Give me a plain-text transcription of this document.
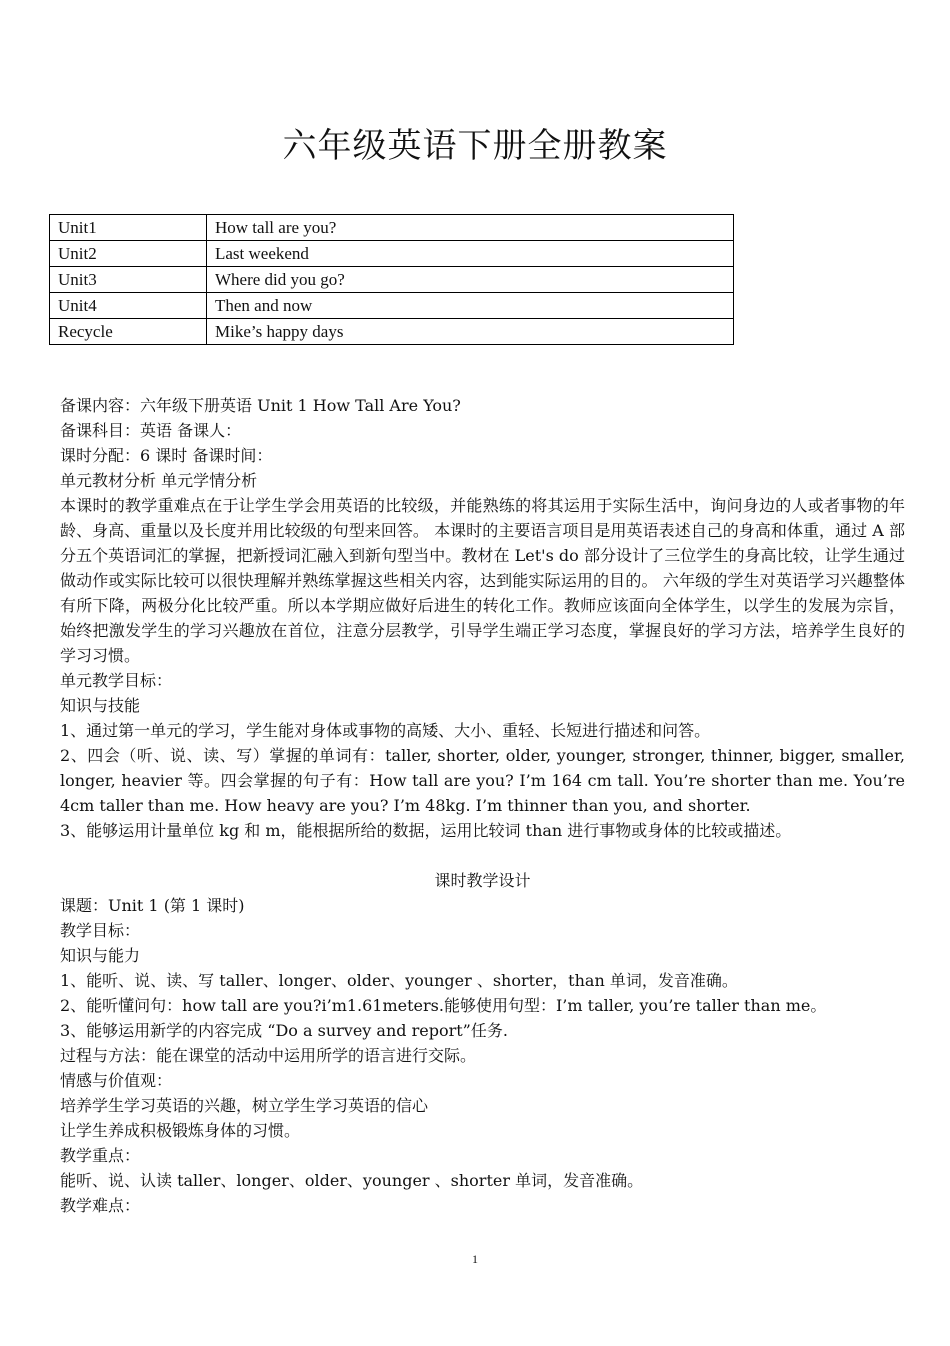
六年级英语下册全册教案
Unit1	How tall are you?
Unit2	Last weekend
Unit3	Where did you go?
Unit4	Then and now
Recycle	Mike’s happy days
备课内容：六年级下册英语 Unit 1 How Tall Are You?
备课科目：英语 备课人：
课时分配：6 课时 备课时间：
单元教材分析 单元学情分析
本课时的教学重难点在于让学生学会用英语的比较级，并能熟练的将其运用于实际生活中，询问身边的人或者事物的年龄、身高、重量以及长度并用比较级的句型来回答。 本课时的主要语言项目是用英语表述自己的身高和体重，通过 A 部分五个英语词汇的掌握，把新授词汇融入到新句型当中。教材在 Let's do 部分设计了三位学生的身高比较，让学生通过做动作或实际比较可以很快理解并熟练掌握这些相关内容，达到能实际运用的目的。 六年级的学生对英语学习兴趣整体有所下降，两极分化比较严重。所以本学期应做好后进生的转化工作。教师应该面向全体学生，以学生的发展为宗旨，始终把激发学生的学习兴趣放在首位，注意分层教学，引导学生端正学习态度，掌握良好的学习方法，培养学生良好的学习习惯。
单元教学目标：
知识与技能
1、通过第一单元的学习，学生能对身体或事物的高矮、大小、重轻、长短进行描述和问答。
2、四会（听、说、读、写）掌握的单词有：taller, shorter, older, younger, stronger, thinner, bigger, smaller, longer, heavier 等。四会掌握的句子有：How tall are you? I’m 164 cm tall. You’re shorter than me. You’re 4cm taller than me. How heavy are you? I’m 48kg. I’m thinner than you, and shorter.
3、能够运用计量单位 kg 和 m，能根据所给的数据，运用比较词 than 进行事物或身体的比较或描述。
课时教学设计
课题：Unit 1 (第 1 课时)
教学目标：
知识与能力
1、能听、说、读、写 taller、longer、older、younger 、shorter，than 单词，发音准确。
2、能听懂问句：how tall are you?i’m1.61meters.能够使用句型：I’m taller, you’re taller than me。
3、能够运用新学的内容完成 “Do a survey and report”任务.
过程与方法：能在课堂的活动中运用所学的语言进行交际。
情感与价值观：
培养学生学习英语的兴趣，树立学生学习英语的信心
让学生养成积极锻炼身体的习惯。
教学重点：
能听、说、认读 taller、longer、older、younger 、shorter 单词，发音准确。
教学难点：
1
